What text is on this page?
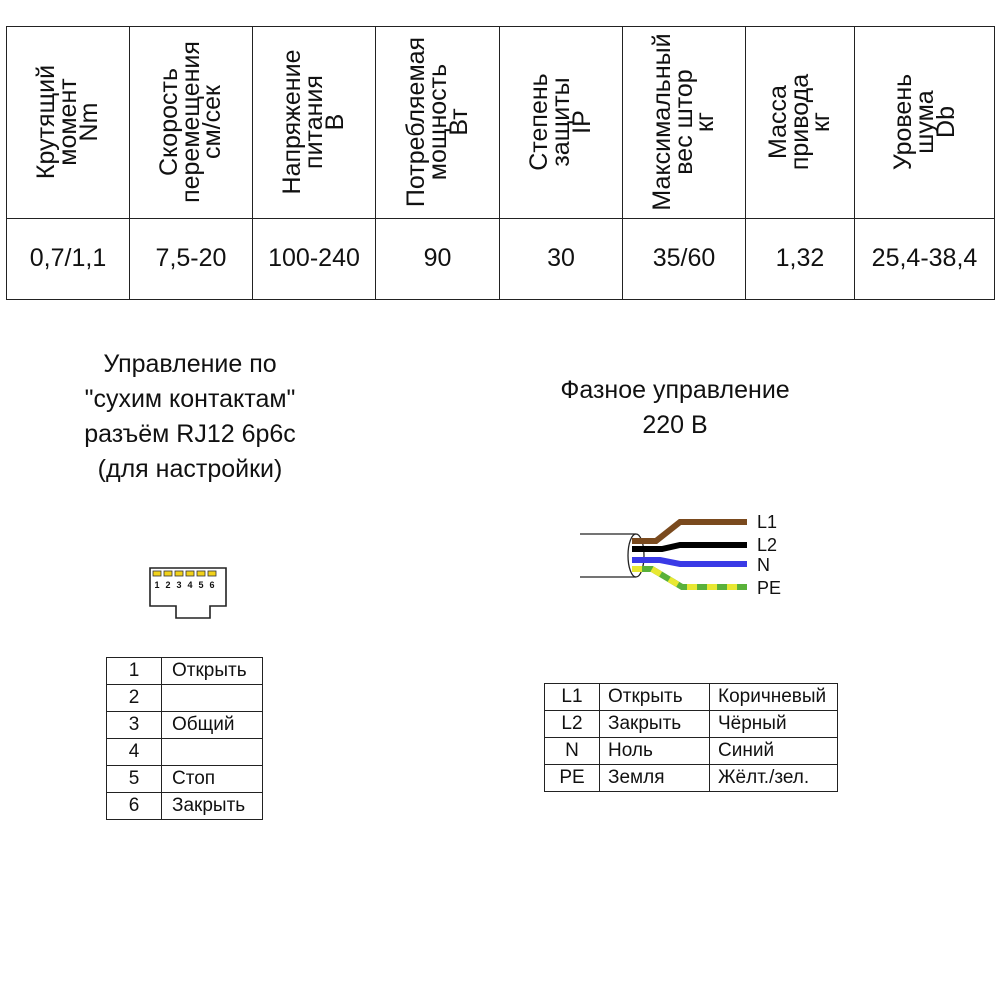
Крутящий
момент
Nm	Скорость
перемещения
см/сек	Напряжение
питания
В	Потребляемая
мощность
Вт	Степень
защиты
IP	Максимальный
вес штор
кг	Масса
привода
кг	Уровень
шума
Db

0,7/1,1	7,5-20	100-240	90	30	35/60	1,32	25,4-38,4
Управление по
"сухим контактам"
разъём RJ12 6р6с
(для настройки)
1 2 3 4 5 6
1	Открыть
2	
3	Общий
4	
5	Стоп
6	Закрыть
Фазное управление
220 В
L1
L2
N
PE
L1	Открыть	Коричневый
L2	Закрыть	Чёрный
N	Ноль	Синий
PE	Земля	Жёлт./зел.
